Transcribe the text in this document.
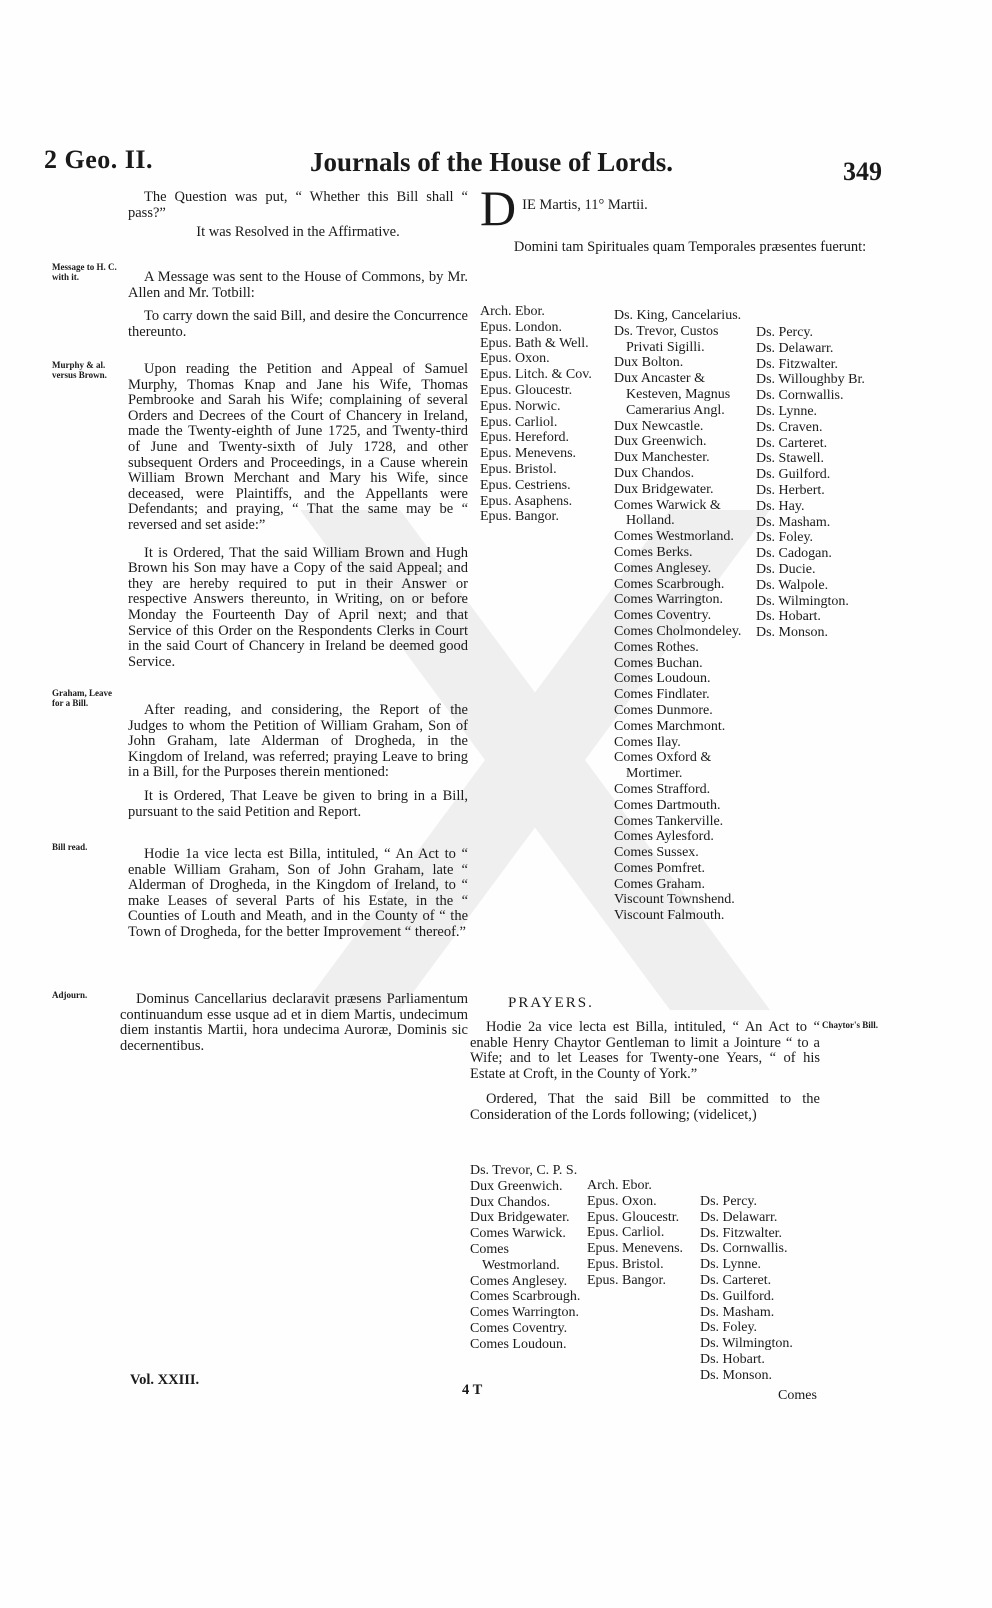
2 Geo. II.	Journals of the House of Lords.	349

The Question was put, “ Whether this Bill shall “ pass?”

It was Resolved in the Affirmative.

Message to H. C. with it.	A Message was sent to the House of Commons, by Mr. Allen and Mr. Totbill:

To carry down the said Bill, and desire the Concurrence thereunto.

Murphy & al. versus Brown.	Upon reading the Petition and Appeal of Samuel Murphy, Thomas Knap and Jane his Wife, Thomas Pembrooke and Sarah his Wife; complaining of several Orders and Decrees of the Court of Chancery in Ireland, made the Twenty-eighth of June 1725, and Twenty-third of June and Twenty-sixth of July 1728, and other subsequent Orders and Proceedings, in a Cause wherein William Brown Merchant and Mary his Wife, since deceased, were Plaintiffs, and the Appellants were Defendants; and praying, “ That the same may be “ reversed and set aside:”

It is Ordered, That the said William Brown and Hugh Brown his Son may have a Copy of the said Appeal; and they are hereby required to put in their Answer or respective Answers thereunto, in Writing, on or before Monday the Fourteenth Day of April next; and that Service of this Order on the Respondents Clerks in Court in the said Court of Chancery in Ireland be deemed good Service.

Graham, Leave for a Bill.	After reading, and considering, the Report of the Judges to whom the Petition of William Graham, Son of John Graham, late Alderman of Drogheda, in the Kingdom of Ireland, was referred; praying Leave to bring in a Bill, for the Purposes therein mentioned:

It is Ordered, That Leave be given to bring in a Bill, pursuant to the said Petition and Report.

Bill read.	Hodie 1a vice lecta est Billa, intituled, “ An Act to “ enable William Graham, Son of John Graham, late “ Alderman of Drogheda, in the Kingdom of Ireland, to “ make Leases of several Parts of his Estate, in the “ Counties of Louth and Meath, and in the County of “ the Town of Drogheda, for the better Improvement “ thereof.”

Adjourn.	Dominus Cancellarius declaravit præsens Parliamentum continuandum esse usque ad et in diem Martis, undecimum diem instantis Martii, hora undecima Auroræ, Dominis sic decernentibus.

Vol. XXIII.
4 T
D IE Martis, 11° Martii.
Domini tam Spirituales quam Temporales præsentes fuerunt:
Arch. Ebor.
Epus. London.
Epus. Bath & Well.
Epus. Oxon.
Epus. Litch. & Cov.
Epus. Gloucestr.
Epus. Norwic.
Epus. Carliol.
Epus. Hereford.
Epus. Menevens.
Epus. Bristol.
Epus. Cestriens.
Epus. Asaphens.
Epus. Bangor.
Ds. King, Cancelarius.
Ds. Trevor, Custos Privati Sigilli.
Dux Bolton.
Dux Ancaster & Kesteven, Magnus Camerarius Angl.
Dux Newcastle.
Dux Greenwich.
Dux Manchester.
Dux Chandos.
Dux Bridgewater.
Comes Warwick & Holland.
Comes Westmorland.
Comes Berks.
Comes Anglesey.
Comes Scarbrough.
Comes Warrington.
Comes Coventry.
Comes Cholmondeley.
Comes Rothes.
Comes Buchan.
Comes Loudoun.
Comes Findlater.
Comes Dunmore.
Comes Marchmont.
Comes Ilay.
Comes Oxford & Mortimer.
Comes Strafford.
Comes Dartmouth.
Comes Tankerville.
Comes Aylesford.
Comes Sussex.
Comes Pomfret.
Comes Graham.
Viscount Townshend.
Viscount Falmouth.
Ds. Percy.
Ds. Delawarr.
Ds. Fitzwalter.
Ds. Willoughby Br.
Ds. Cornwallis.
Ds. Lynne.
Ds. Craven.
Ds. Carteret.
Ds. Stawell.
Ds. Guilford.
Ds. Herbert.
Ds. Hay.
Ds. Masham.
Ds. Foley.
Ds. Cadogan.
Ds. Ducie.
Ds. Walpole.
Ds. Wilmington.
Ds. Hobart.
Ds. Monson.
PRAYERS.
Chaytor's Bill.

Hodie 2a vice lecta est Billa, intituled, “ An Act to “ enable Henry Chaytor Gentleman to limit a Jointure “ to a Wife; and to let Leases for Twenty-one Years, “ of his Estate at Croft, in the County of York.”

Ordered, That the said Bill be committed to the Consideration of the Lords following; (videlicet,)

Ds. Trevor, C. P. S.
Dux Greenwich.
Dux Chandos.
Dux Bridgewater.
Comes Warwick.
Comes Westmorland.
Comes Anglesey.
Comes Scarbrough.
Comes Warrington.
Comes Coventry.
Comes Loudoun.
Arch. Ebor.
Epus. Oxon.
Epus. Gloucestr.
Epus. Carliol.
Epus. Menevens.
Epus. Bristol.
Epus. Bangor.
Ds. Percy.
Ds. Delawarr.
Ds. Fitzwalter.
Ds. Cornwallis.
Ds. Lynne.
Ds. Carteret.
Ds. Guilford.
Ds. Masham.
Ds. Foley.
Ds. Wilmington.
Ds. Hobart.
Ds. Monson.
Comes
